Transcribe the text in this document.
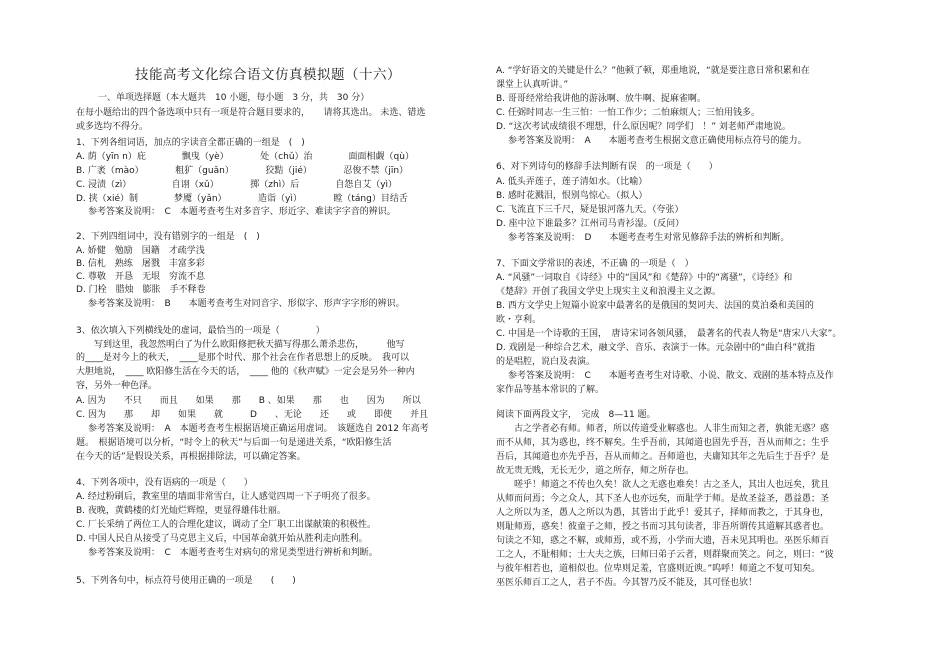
技能高考文化综合语文仿真模拟题（十六）
一、单项选择题（本大题共　10 小题，每小题　3 分，共　30 分）
在每小题给出的四个备选项中只有一项是符合题目要求的，　　请将其选出。 未选、错选
或多选均不得分。
1、下列各组词语，加点的字读音全都正确的一组是　(　)
A. 荫（yīn n）庇　　　　飘曳（yè）　　　　处（chǔ）治　　　　面面相觑（qù）
B. 广袤（mào）　　　　粗犷（guǎn）　　　　狡黠（jié）　　　　忍俊不禁（jīn）
C. 浸渍（zì）　　　　　自诩（xǔ）　　　　掷（zhì）后　　　　自怨自艾（yì）
D. 挟（xié）制　　　　梦魇（yǎn）　　　　造诣（yì）　　　　瞠（táng）目结舌
参考答案及说明：　C　本题考查考生对多音字、形近字、难读字字音的辨识。
2、下列四组词中，没有错别字的一组是　(　)
A. 娇健　勉励　国籍　才疏学浅
B. 信札　熟练　屠戮　丰富多彩
C. 尊敬　开恳　无垠　穷流不息
D. 门栓　腊烛　膨胀　手不释卷
参考答案及说明：　B　　本题考查考生对同音字、形似字、形声字字形的辨识。
3、依次填入下列横线处的虚词，最恰当的一项是（　　　　）
写到这里，我忽然明白了为什么欧阳修把秋天描写得那么萧杀悲伤，　　　他写
的____是对今上的秋天，　____是那个时代、那个社会在作者思想上的反映。　我可以
大胆地说，　____ 欧阳修生活在今天的话，　____ 他的《秋声赋》一定会是另外一种内
容，另外一种色泽。
A. 因为　　不只　　而且　　如果　　那　　B 、如果　　那　　也　　因为　　所以
C. 因为　　那　　却　　如果　　就　　　D　　、无论　　还　　或　　即使　　并且
参考答案及说明：　A　本题考查考生根据语境正确运用虚词。　该题选自 2012 年高考
题。　根据语境可以分析，“时令上的秋天”与后面一句是递进关系，“欧阳修生活
在今天的话”是假设关系，再根据排除法，可以确定答案。
4、下列各项中，没有语病的一项是（　　）
A. 经过粉刷后，教室里的墙面非常雪白，让人感觉四周一下子明亮了很多。
B. 夜晚，黄鹤楼的灯光灿烂辉煌，更显得雄伟壮丽。
C. 厂长采纳了两位工人的合理化建议，调动了全厂职工出谋献策的积极性。
D. 中国人民自从接受了马克思主义后，中国革命就开始从胜利走向胜利。
参考答案及说明：　C　本题考查考生对病句的常见类型进行辨析和判断。
5、下列各句中，标点符号使用正确的一项是　　(　　)
A. “学好语文的关键是什么？”他顿了顿，郑重地说，“就是要注意日常积累和在
课堂上认真听讲。”
B. 哥哥经常给我讲他的游泳啊、放牛啊、捉麻雀啊。
C. 任弼时同志一生三怕：一怕工作少；二怕麻烦人；三怕用钱多。
D. “这次考试成绩很不理想，什么原因呢？同学们　！” 刘老师严肃地说。
参考答案及说明：　A　　本题考查考生根据文意正确使用标点符号的能力。
6、对下列诗句的修辞手法判断有误　的一项是（　　）
A. 低头弄莲子，莲子清如水。（比喻）
B. 感时花溅泪，恨别鸟惊心。（拟人）
C. 飞流直下三千尺，疑是银河落九天。（夸张）
D. 座中泣下谁最多？江州司马青衫湿。（反问）
参考答案及说明：　D　　本题考查考生对常见修辞手法的辨析和判断。
7、下面文学常识的表述，不正确 的一项是（　）
A. “风骚”一词取自《诗经》中的“国风”和《楚辞》中的“离骚”，《诗经》和
《楚辞》开创了我国文学史上现实主义和浪漫主义之源。
B. 西方文学史上短篇小说家中最著名的是俄国的契诃夫、法国的莫泊桑和美国的
欧・亨利。
C. 中国是一个诗歌的王国，　唐诗宋词各领风骚，　最著名的代表人物是“唐宋八大家”。
D. 戏剧是一种综合艺术，融文学、音乐、表演于一体。元杂剧中的“曲白科”就指
的是唱腔，说白及表演。
参考答案及说明：　C　　本题考查考生对诗歌、小说、散文、戏剧的基本特点及作
家作品等基本常识的了解。
阅读下面两段文字，　完成　8—11 题。
古之学者必有师。师者，所以传道受业解惑也。人非生而知之者，孰能无惑？惑
而不从师，其为惑也，终不解矣。生乎吾前，其闻道也固先乎吾，吾从而师之；生乎
吾后，其闻道也亦先乎吾，吾从而师之。吾师道也，夫庸知其年之先后生于吾乎？是
故无贵无贱，无长无少，道之所存，师之所存也。
嗟乎！师道之不传也久矣！欲人之无惑也难矣！古之圣人，其出人也远矣，犹且
从师而问焉；今之众人，其下圣人也亦远矣，而耻学于师。是故圣益圣，愚益愚；圣
人之所以为圣，愚人之所以为愚，其皆出于此乎！爱其子，择师而教之，于其身也，
则耻师焉，惑矣！彼童子之师，授之书而习其句读者，非吾所谓传其道解其惑者也。
句读之不知，惑之不解，或师焉，或不焉，小学而大遗，吾未见其明也。巫医乐师百
工之人，不耻相师；士大夫之族，曰师曰弟子云者，则群聚而笑之。问之，则曰：“彼
与彼年相若也，道相似也。位卑则足羞，官盛则近谀。”呜呼！师道之不复可知矣。
巫医乐师百工之人，君子不齿。今其智乃反不能及，其可怪也欤！
